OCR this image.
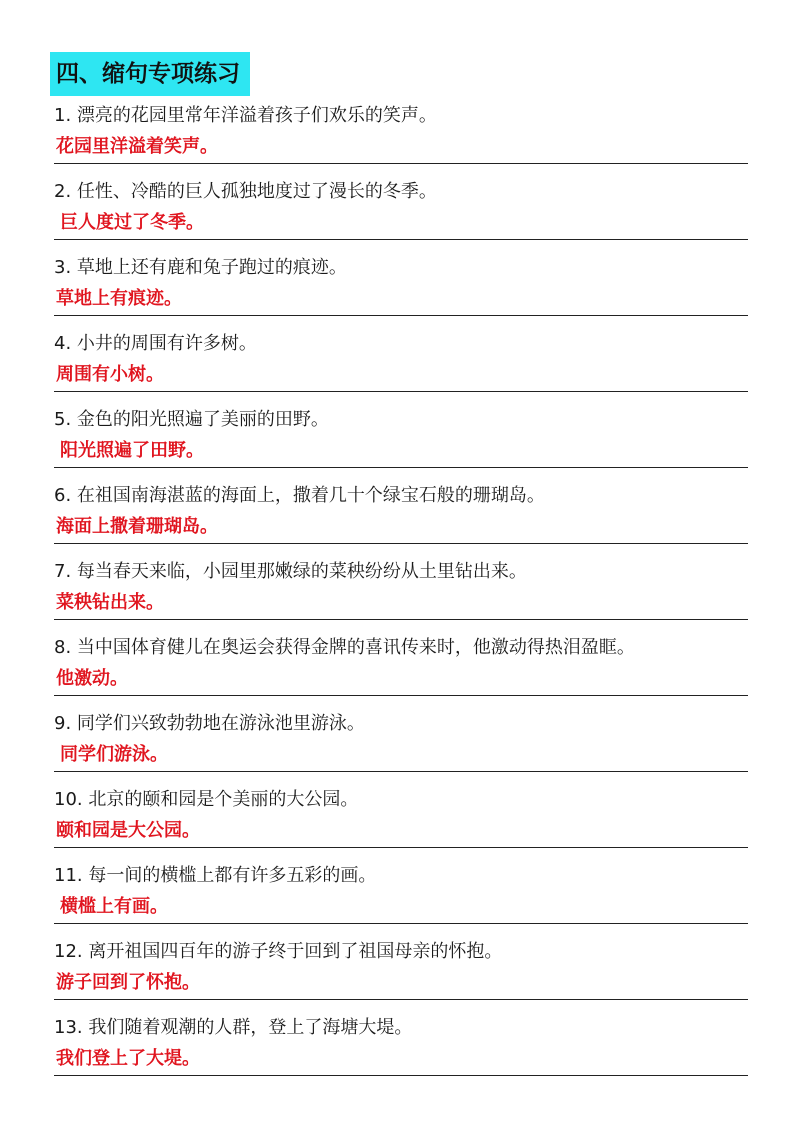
四、缩句专项练习
1. 漂亮的花园里常年洋溢着孩子们欢乐的笑声。
花园里洋溢着笑声。
2. 任性、冷酷的巨人孤独地度过了漫长的冬季。
巨人度过了冬季。
3. 草地上还有鹿和兔子跑过的痕迹。
草地上有痕迹。
4. 小井的周围有许多树。
周围有小树。
5. 金色的阳光照遍了美丽的田野。
阳光照遍了田野。
6. 在祖国南海湛蓝的海面上，撒着几十个绿宝石般的珊瑚岛。
海面上撒着珊瑚岛。
7. 每当春天来临，小园里那嫩绿的菜秧纷纷从土里钻出来。
菜秧钻出来。
8. 当中国体育健儿在奥运会获得金牌的喜讯传来时，他激动得热泪盈眶。
他激动。
9. 同学们兴致勃勃地在游泳池里游泳。
同学们游泳。
10. 北京的颐和园是个美丽的大公园。
颐和园是大公园。
11. 每一间的横槛上都有许多五彩的画。
横槛上有画。
12. 离开祖国四百年的游子终于回到了祖国母亲的怀抱。
游子回到了怀抱。
13. 我们随着观潮的人群，登上了海塘大堤。
我们登上了大堤。
